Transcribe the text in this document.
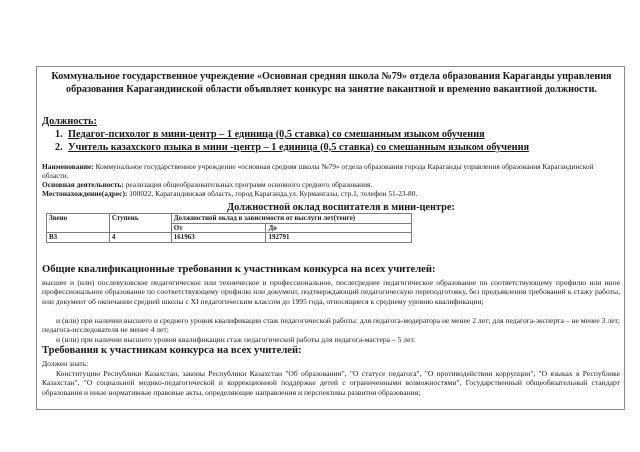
Коммунальное государственное учреждение «Основная средняя школа №79» отдела образования Караганды управления образования Карагандинской области объявляет конкурс на занятие вакантной и временно вакантной должности.
Должность:
1. Педагог-психолог в мини-центр – 1 единица (0,5 ставка) со смешанным языком обучения
2. Учитель казахского языка в мини -центр – 1 единица (0,5 ставка) со смешанным языком обучения
Наименование: Коммунальное государственное учреждение «основная средняя школы №79» отдела образования города Караганды управления образования Карагандинской области.
Основная деятельность: реализация общеобразовательных программ основного среднего образования.
Местонахождение(адрес): 100022, Карагандинская область, город Караганда,ул. Курмангазы, стр.1, телефон 51-23-80.
Должностной оклад воспитателя в мини-центре:
Звено	Ступень	Должностной оклад в зависимости от выслуги лет(тенге)	
		От	До
В3	4	161963	192791
Общие квалификационные требования к участникам конкурса на всех учителей:
высшее и (или) послевузовское педагогическое или техническое и профессиональное, послесреднее педагогическое образование по соответствующему профилю или иное профессиональное образование по соответствующему профилю или документ, подтверждающий педагогическую переподготовку, без предъявления требований к стажу работы, или документ об окончании средней школы с XI педагогическим классом до 1995 года, относящиеся к среднему уровню квалификации;
и (или) при наличии высшего и среднего уровня квалификации стаж педагогической работы: для педагога-модератора не менее 2 лет; для педагога-эксперта – не менее 3 лет; педагога-исследователя не менее 4 лет;
и (или) при наличии высшего уровня квалификации стаж педагогической работы для педагога-мастера – 5 лет.
Требования к участникам конкурса на всех учителей:
Должен знать:
Конституцию Республики Казахстан, законы Республики Казахстан "Об образовании", "О статусе педагога", "О противодействии коррупции", "О языках в Республике Казахстан", "О социальной медико-педагогической и коррекционной поддержке детей с ограниченными возможностями", Государственный общеобязательный стандарт образования и иные нормативные правовые акты, определяющие направления и перспективы развития образования;
